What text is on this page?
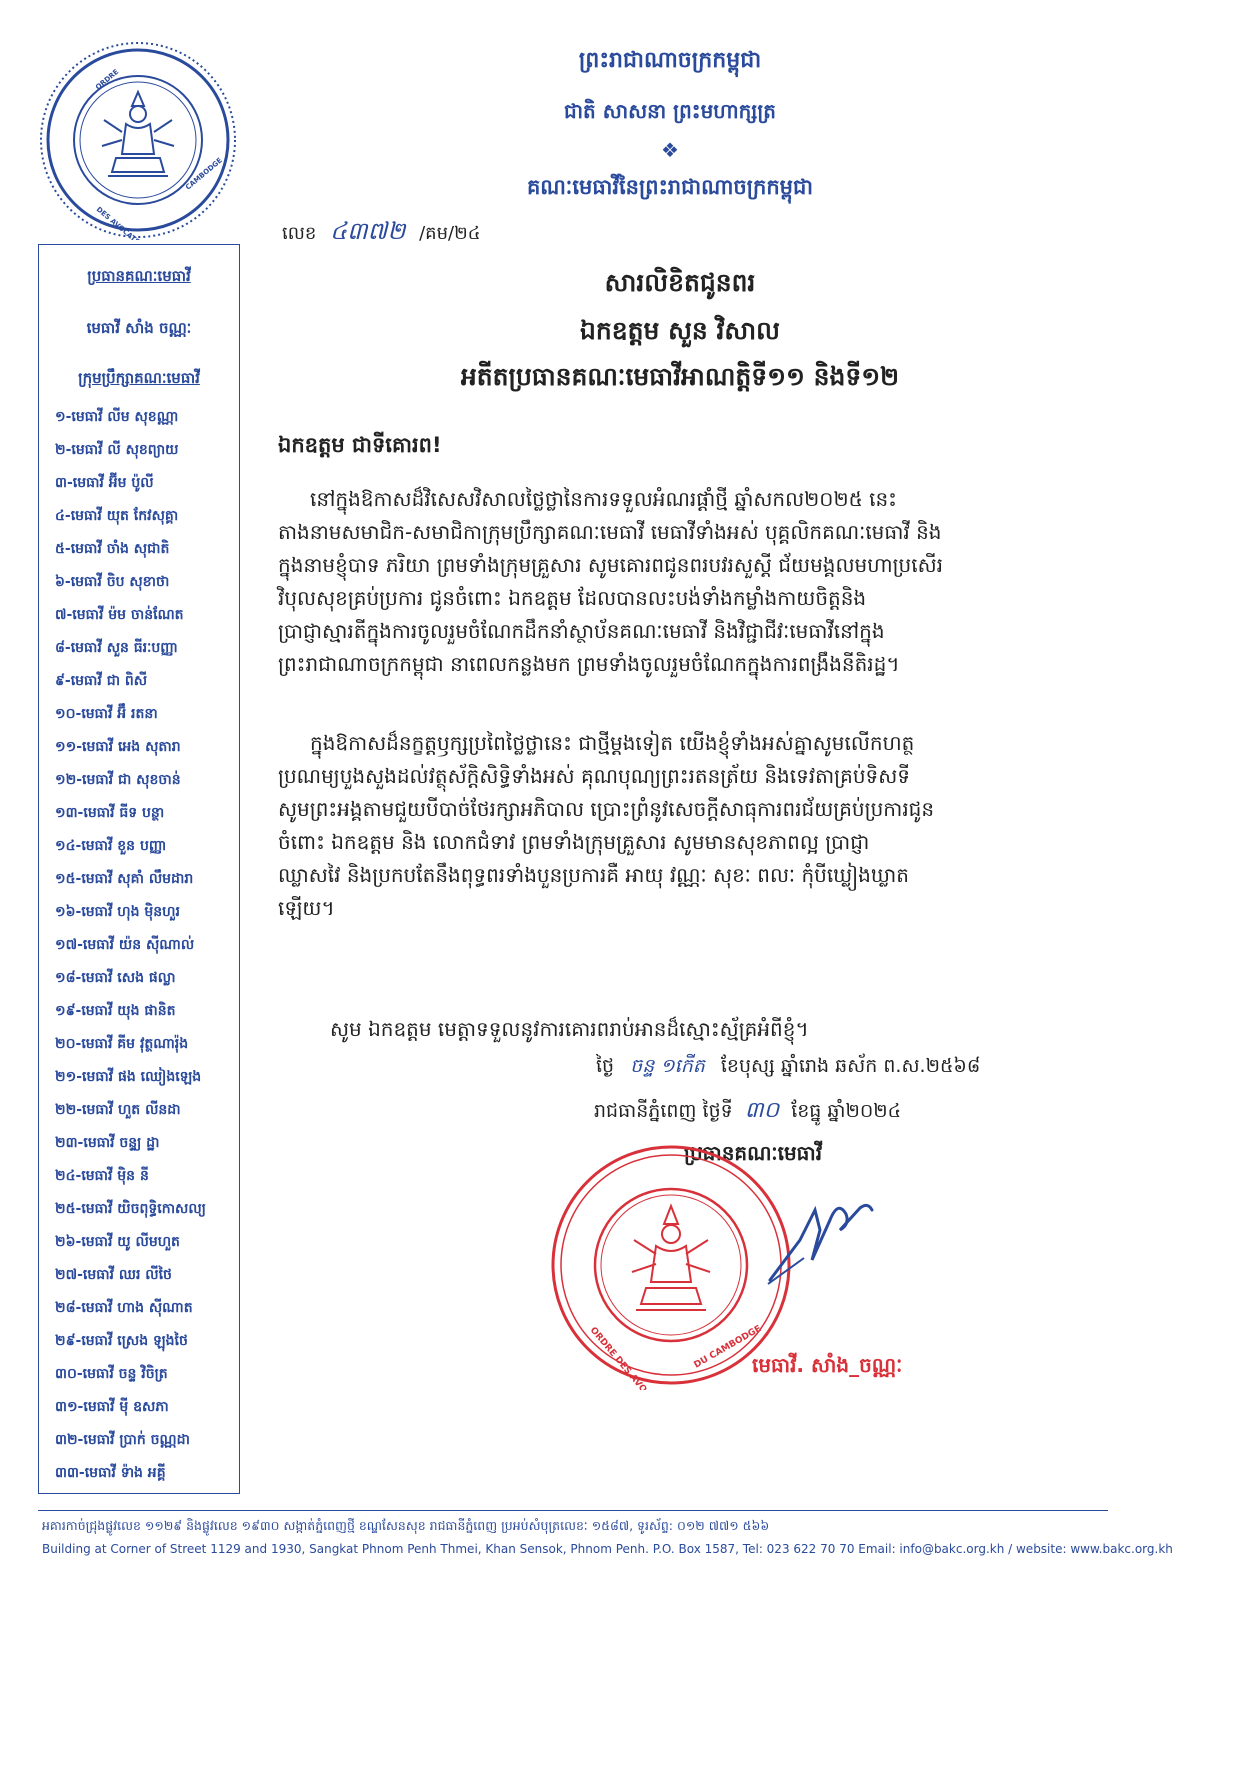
ORDRE
CAMBODGE
DES AVOCATS
ព្រះរាជាណាចក្រកម្ពុជា
ជាតិ សាសនា ព្រះមហាក្សត្រ
❖
គណៈមេធាវីនៃព្រះរាជាណាចក្រកម្ពុជា
លេខ ៤៣៧២ /គម/២៤
ប្រធានគណៈមេធាវី
មេធាវី សាំង ចណ្ណៈ
ក្រុមប្រឹក្សាគណៈមេធាវី
១-មេធាវី លីម សុខណ្ណា
២-មេធាវី លី សុខព្យាយ
៣-មេធាវី អ៊ីម ប៉ូលី
៤-មេធាវី យុត កែវសុគ្គា
៥-មេធាវី ចាំង សុជាតិ
៦-មេធាវី ចិប សុខាថា
៧-មេធាវី ម៉ម ចាន់ណែត
៨-មេធាវី សួន ធីរៈបញ្ញា
៩-មេធាវី ជា ពិសី
១០-មេធាវី អ៊ឹ រតនា
១១-មេធាវី អេង សុតារា
១២-មេធាវី ជា សុខចាន់
១៣-មេធាវី ធីទ បន្ថា
១៤-មេធាវី ខួន បញ្ញា
១៥-មេធាវី សុគាំ លឹមដារា
១៦-មេធាវី ហុង ម៉ិនហួរ
១៧-មេធាវី យ៉ន ស៊ីណាល់
១៨-មេធាវី សេង ផល្លា
១៩-មេធាវី យុង ផានិត
២០-មេធាវី គីម វុត្ថណារ៉ុង
២១-មេធាវី ផង ឈៀងឡេង
២២-មេធាវី ហួត លីនដា
២៣-មេធាវី ចន្ទ្យ ដ្ឋា
២៤-មេធាវី ម៉ិន នី
២៥-មេធាវី យិចពុទ្ធិកោសល្យ
២៦-មេធាវី យូ លីមហួត
២៧-មេធាវី ឈរ លីថៃ
២៨-មេធាវី ហាង ស៊ីណាត
២៩-មេធាវី ស្រេង ឡុងថៃ
៣០-មេធាវី ចន្ទ វិចិត្រ
៣១-មេធាវី ម៉ី ឧសភា
៣២-មេធាវី ប្រាក់ ចណ្ណដា
៣៣-មេធាវី ទ៉ាង អគ្គី
សារលិខិតជូនពរ
ឯកឧត្តម សួន វិសាល
អតីតប្រធានគណៈមេធាវីអាណត្តិទី១១ និងទី១២
ឯកឧត្តម ជាទីគោរព!
នៅក្នុងឱកាសដ៏វិសេសវិសាលថ្លៃថ្លានៃការទទួលអំណរផ្ដាំថ្មី ឆ្នាំសកល២០២៥ នេះ
តាងនាមសមាជិក-សមាជិកាក្រុមប្រឹក្សាគណៈមេធាវី មេធាវីទាំងអស់ បុគ្គលិកគណៈមេធាវី និង
ក្នុងនាមខ្ញុំបាទ ភរិយា ព្រមទាំងក្រុមគ្រួសារ សូមគោរពជូនពរបវរសួស្តី ជ័យមង្គលមហាប្រសើរ
វិបុលសុខគ្រប់ប្រការ ជូនចំពោះ ឯកឧត្តម ដែលបានលះបង់ទាំងកម្លាំងកាយចិត្តនិង
ប្រាជ្ញាស្មារតីក្នុងការចូលរួមចំណែកដឹកនាំស្ថាប័នគណៈមេធាវី និងវិជ្ជាជីវៈមេធាវីនៅក្នុង
ព្រះរាជាណាចក្រកម្ពុជា នាពេលកន្លងមក ព្រមទាំងចូលរួមចំណែកក្នុងការពង្រឹងនីតិរដ្ឋ។
ក្នុងឱកាសដ៏នក្ខត្តឫក្សប្រពៃថ្លៃថ្លានេះ ជាថ្មីម្ដងទៀត យើងខ្ញុំទាំងអស់គ្នាសូមលើកហត្ថ
ប្រណម្យបួងសួងដល់វត្ថុស័ក្ដិសិទ្ធិទាំងអស់ គុណបុណ្យព្រះរតនត្រ័យ និងទេវតាគ្រប់ទិសទី
សូមព្រះអង្គតាមជួយបីបាច់ថែរក្សាអភិបាល ប្រោះព្រំនូវសេចក្តីសាធុការពរជ័យគ្រប់ប្រការជូន
ចំពោះ ឯកឧត្តម និង លោកជំទាវ ព្រមទាំងក្រុមគ្រួសារ សូមមានសុខភាពល្អ ប្រាជ្ញា
ឈ្លាសវៃ និងប្រកបតែនឹងពុទ្ធពរទាំងបួនប្រការគឺ អាយុ វណ្ណៈ សុខៈ ពលៈ កុំបីឃ្លៀងឃ្លាត
ឡើយ។
សូម ឯកឧត្តម មេត្តាទទួលនូវការគោរពរាប់អានដ៏ស្មោះស្ម័គ្រអំពីខ្ញុំ។
ថ្ងៃ ចន្ទ ១កើត ខែបុស្ស ឆ្នាំរោង ឆស័ក ព.ស.២៥៦៨
រាជធានីភ្នំពេញ ថ្ងៃទី ៣០ ខែធ្នូ ឆ្នាំ២០២៤
ប្រធានគណៈមេធាវី
ORDRE DES AVOCATS	DU CAMBODGE
មេធាវី. សាំង_ចណ្ណៈ
អគារកាច់ជ្រុងផ្លូវលេខ ១១២៩ និងផ្លូវលេខ ១៩៣០ សង្កាត់ភ្នំពេញថ្មី ខណ្ឌសែនសុខ រាជធានីភ្នំពេញ ប្រអប់សំបុត្រលេខៈ ១៥៨៧, ទូរស័ព្ទ: ០១២ ៧៧១ ៥៦៦
Building at Corner of Street 1129 and 1930, Sangkat Phnom Penh Thmei, Khan Sensok, Phnom Penh. P.O. Box 1587, Tel: 023 622 70 70 Email: info@bakc.org.kh / website: www.bakc.org.kh
